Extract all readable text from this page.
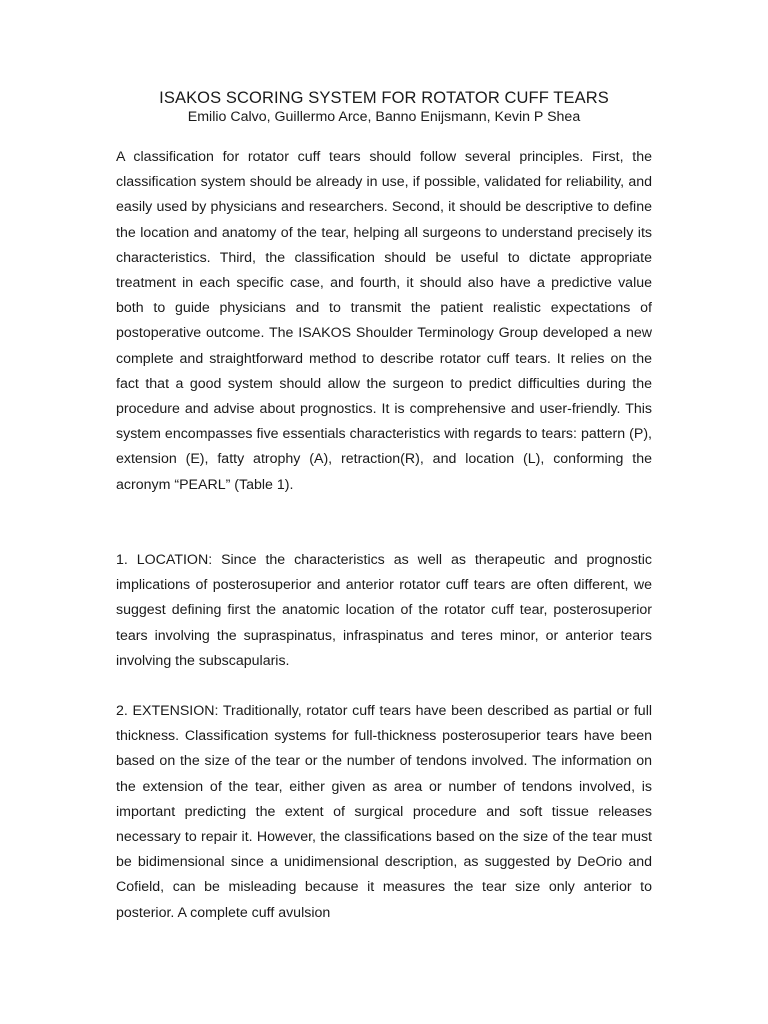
ISAKOS SCORING SYSTEM FOR ROTATOR CUFF TEARS

Emilio Calvo, Guillermo Arce, Banno Enijsmann, Kevin P Shea

A classification for rotator cuff tears should follow several principles. First, the classification system should be already in use, if possible, validated for reliability, and easily used by physicians and researchers. Second, it should be descriptive to define the location and anatomy of the tear, helping all surgeons to understand precisely its characteristics. Third, the classification should be useful to dictate appropriate treatment in each specific case, and fourth, it should also have a predictive value both to guide physicians and to transmit the patient realistic expectations of postoperative outcome. The ISAKOS Shoulder Terminology Group developed a new complete and straightforward method to describe rotator cuff tears. It relies on the fact that a good system should allow the surgeon to predict difficulties during the procedure and advise about prognostics. It is comprehensive and user-friendly. This system encompasses five essentials characteristics with regards to tears: pattern (P), extension (E), fatty atrophy (A), retraction(R), and location (L), conforming the acronym “PEARL” (Table 1).

1. LOCATION: Since the characteristics as well as therapeutic and prognostic implications of posterosuperior and anterior rotator cuff tears are often different, we suggest defining first the anatomic location of the rotator cuff tear, posterosuperior tears involving the supraspinatus, infraspinatus and teres minor, or anterior tears involving the subscapularis.

2. EXTENSION: Traditionally, rotator cuff tears have been described as partial or full thickness. Classification systems for full-thickness posterosuperior tears have been based on the size of the tear or the number of tendons involved. The information on the extension of the tear, either given as area or number of tendons involved, is important predicting the extent of surgical procedure and soft tissue releases necessary to repair it. However, the classifications based on the size of the tear must be bidimensional since a unidimensional description, as suggested by DeOrio and Cofield, can be misleading because it measures the tear size only anterior to posterior. A complete cuff avulsion
